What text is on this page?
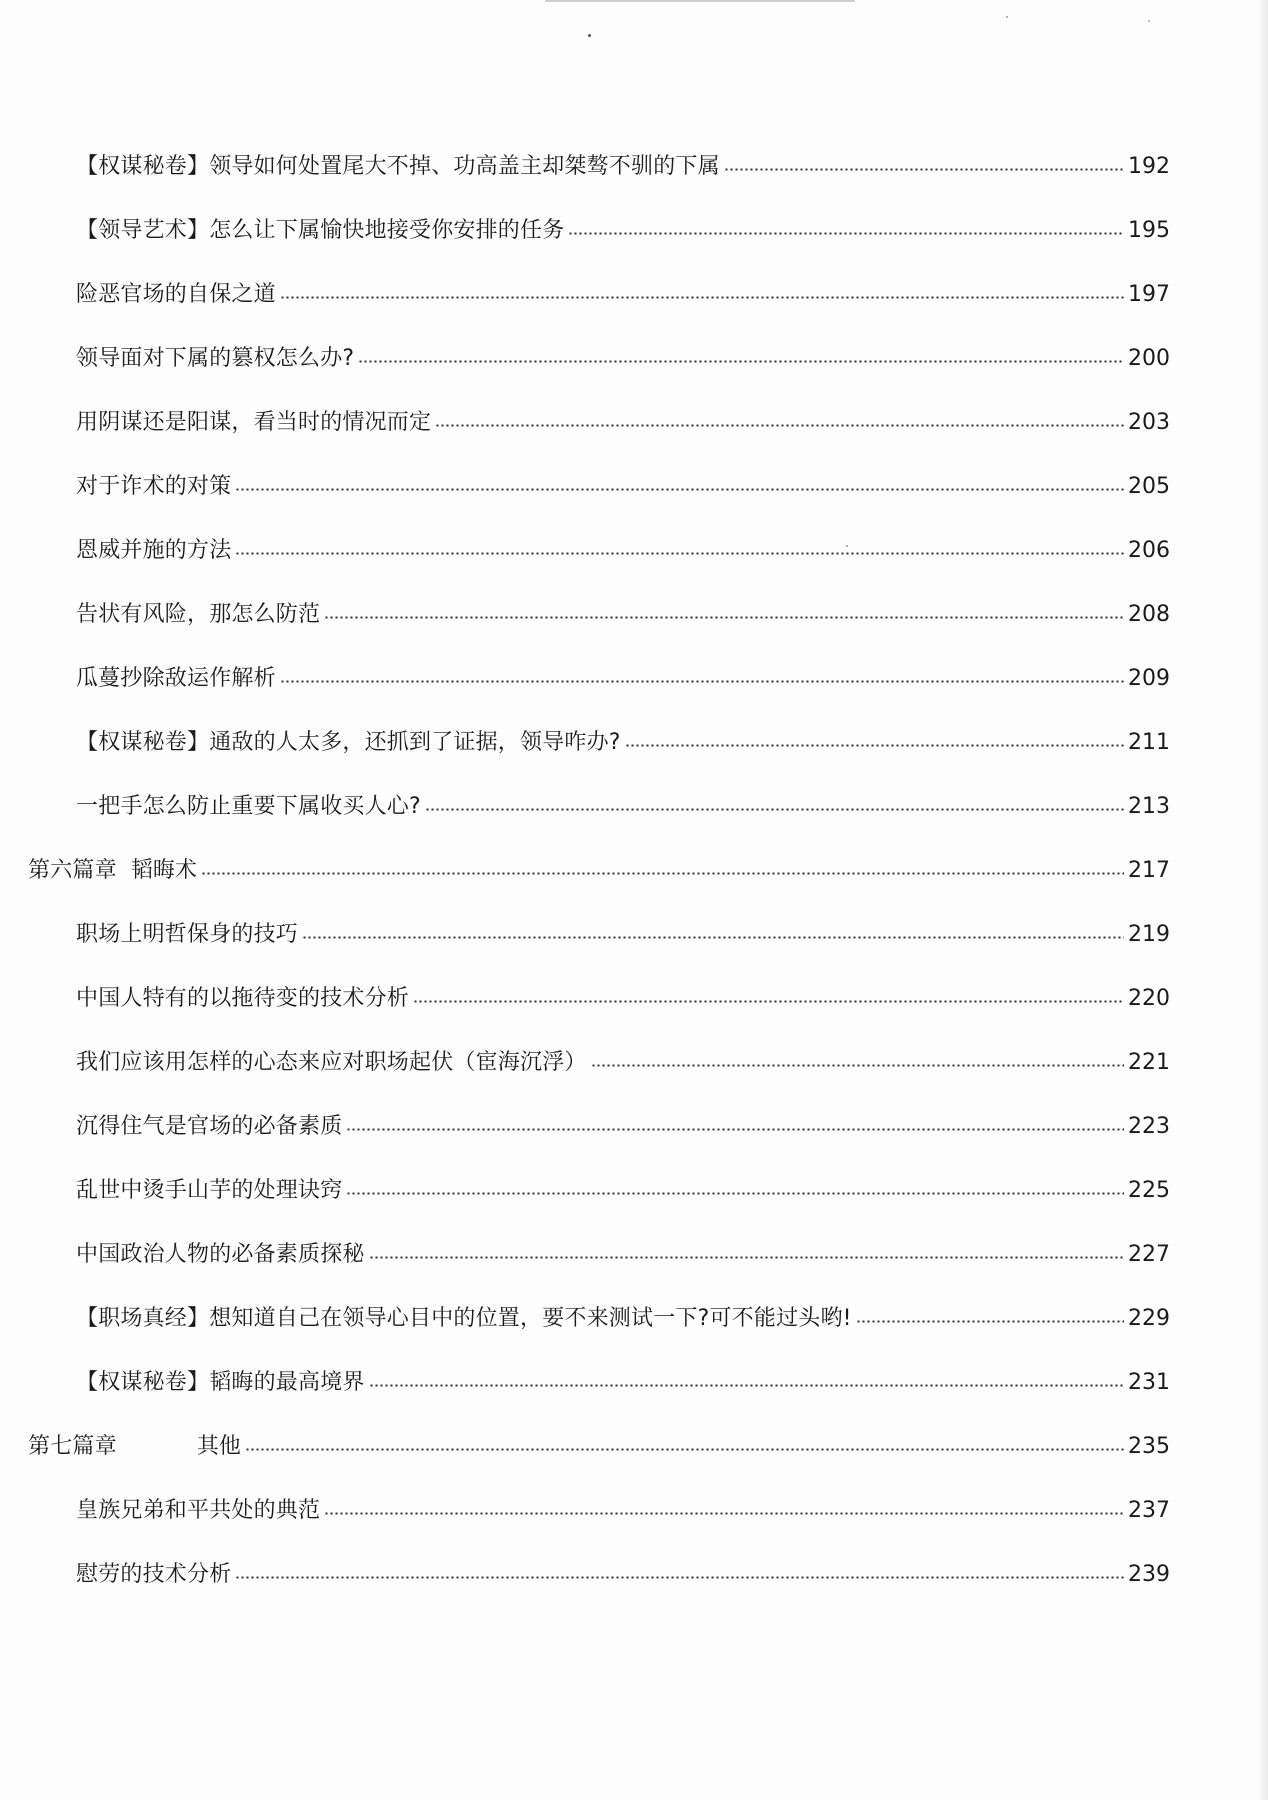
【权谋秘卷】领导如何处置尾大不掉、功高盖主却桀骜不驯的下属	192
【领导艺术】怎么让下属愉快地接受你安排的任务	195
险恶官场的自保之道	197
领导面对下属的篡权怎么办?	200
用阴谋还是阳谋，看当时的情况而定	203
对于诈术的对策	205
恩威并施的方法	206
告状有风险，那怎么防范	208
瓜蔓抄除敌运作解析	209
【权谋秘卷】通敌的人太多，还抓到了证据，领导咋办?	211
一把手怎么防止重要下属收买人心?	213
第六篇章 韬晦术	217
职场上明哲保身的技巧	219
中国人特有的以拖待变的技术分析	220
我们应该用怎样的心态来应对职场起伏（宦海沉浮）	221
沉得住气是官场的必备素质	223
乱世中烫手山芋的处理诀窍	225
中国政治人物的必备素质探秘	227
【职场真经】想知道自己在领导心目中的位置，要不来测试一下?可不能过头哟!	229
【权谋秘卷】韬晦的最高境界	231
第七篇章	其他	235
皇族兄弟和平共处的典范	237
慰劳的技术分析	239
